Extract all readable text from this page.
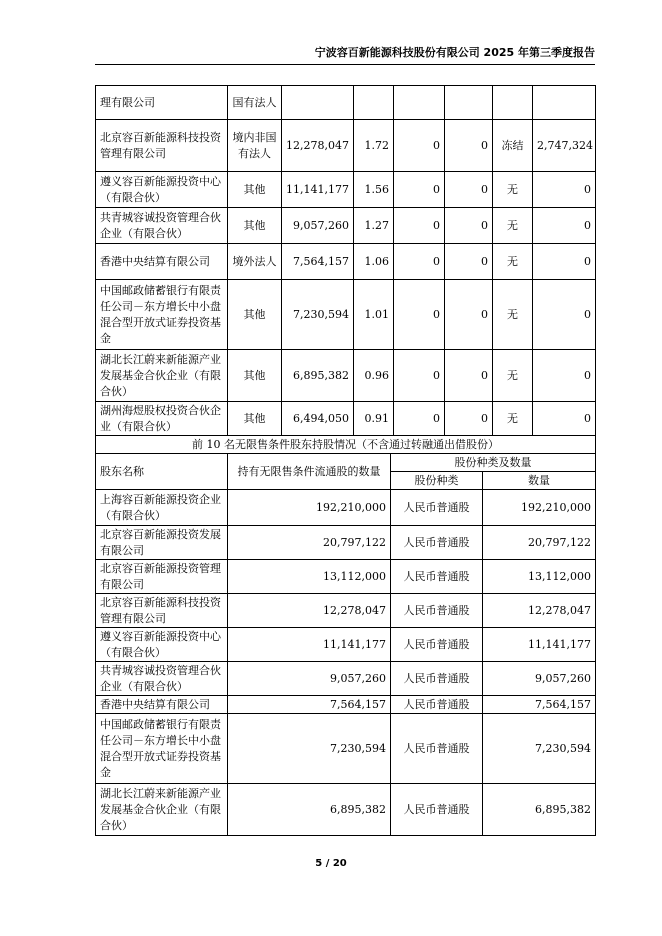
宁波容百新能源科技股份有限公司 2025 年第三季度报告
理有限公司	国有法人						
北京容百新能源科技投资管理有限公司	境内非国有法人	12,278,047	1.72	0	0	冻结	2,747,324
遵义容百新能源投资中心（有限合伙）	其他	11,141,177	1.56	0	0	无	0
共青城容诚投资管理合伙企业（有限合伙）	其他	9,057,260	1.27	0	0	无	0
香港中央结算有限公司	境外法人	7,564,157	1.06	0	0	无	0
中国邮政储蓄银行有限责任公司－东方增长中小盘混合型开放式证券投资基金	其他	7,230,594	1.01	0	0	无	0
湖北长江蔚来新能源产业发展基金合伙企业（有限合伙）	其他	6,895,382	0.96	0	0	无	0
湖州海煜股权投资合伙企业（有限合伙）	其他	6,494,050	0.91	0	0	无	0
前 10 名无限售条件股东持股情况（不含通过转融通出借股份）			
股东名称	持有无限售条件流通股的数量	股份种类及数量	
		股份种类	数量
上海容百新能源投资企业（有限合伙）	192,210,000	人民币普通股	192,210,000
北京容百新能源投资发展有限公司	20,797,122	人民币普通股	20,797,122
北京容百新能源投资管理有限公司	13,112,000	人民币普通股	13,112,000
北京容百新能源科技投资管理有限公司	12,278,047	人民币普通股	12,278,047
遵义容百新能源投资中心（有限合伙）	11,141,177	人民币普通股	11,141,177
共青城容诚投资管理合伙企业（有限合伙）	9,057,260	人民币普通股	9,057,260
香港中央结算有限公司	7,564,157	人民币普通股	7,564,157
中国邮政储蓄银行有限责任公司－东方增长中小盘混合型开放式证券投资基金	7,230,594	人民币普通股	7,230,594
湖北长江蔚来新能源产业发展基金合伙企业（有限合伙）	6,895,382	人民币普通股	6,895,382
5 / 20
